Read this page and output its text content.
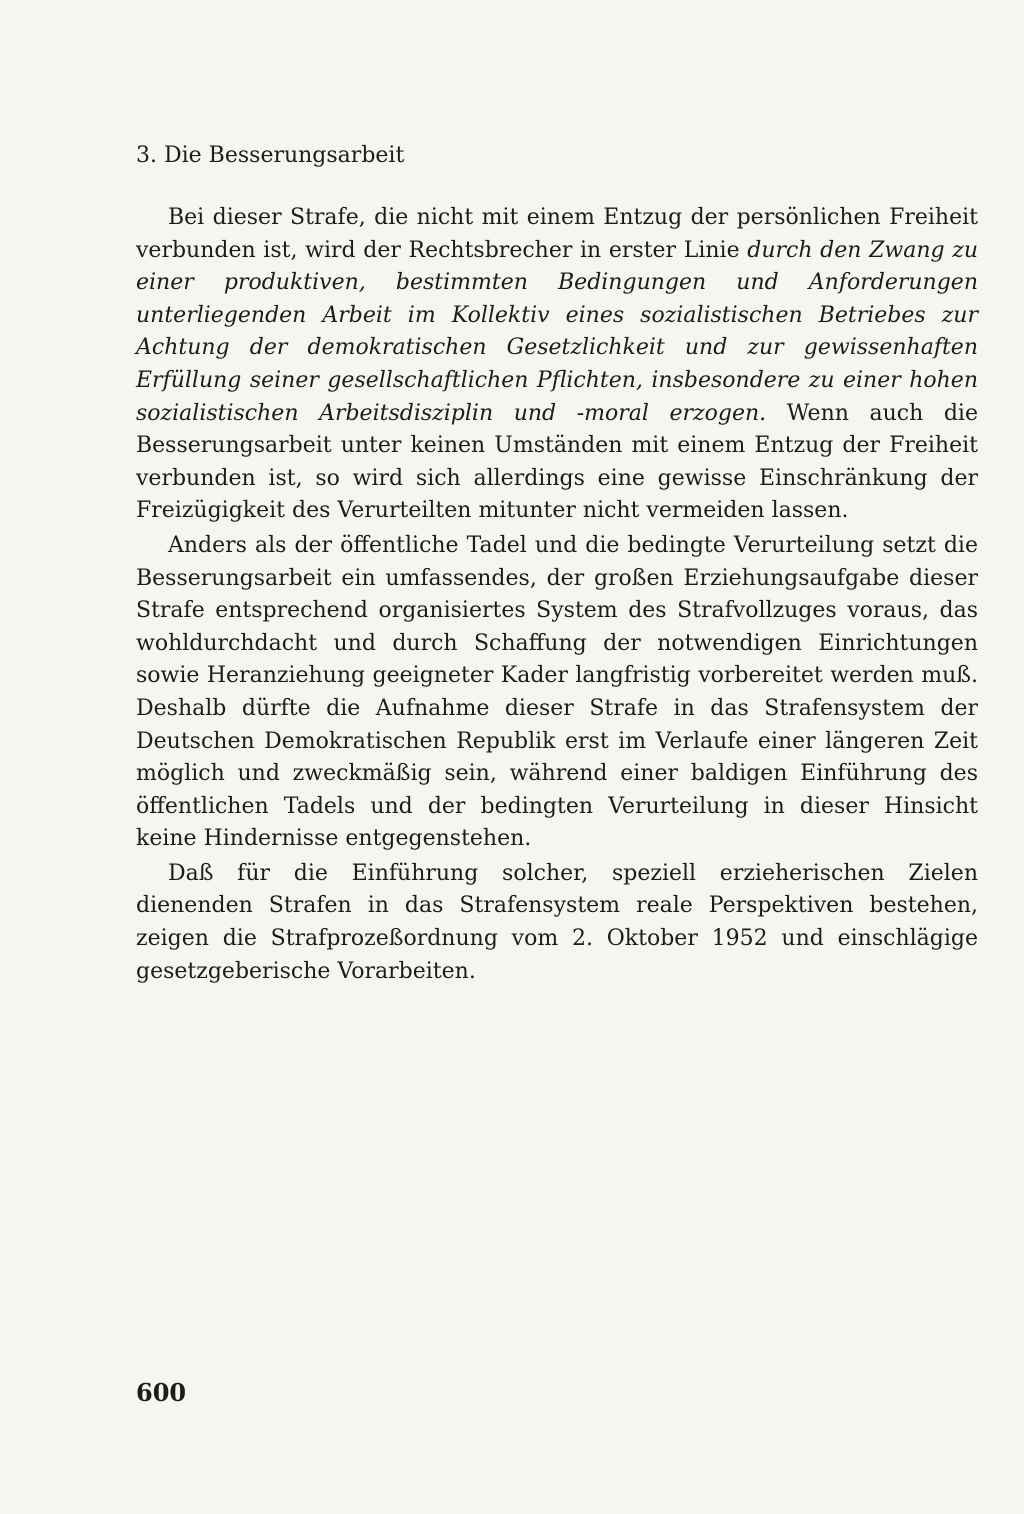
3. Die Besserungsarbeit

Bei dieser Strafe, die nicht mit einem Entzug der persönlichen Freiheit verbunden ist, wird der Rechtsbrecher in erster Linie durch den Zwang zu einer produktiven, bestimmten Bedingungen und Anforderungen unterliegenden Arbeit im Kollektiv eines sozialistischen Betriebes zur Achtung der demokratischen Gesetzlichkeit und zur gewissenhaften Erfüllung seiner gesellschaftlichen Pflichten, insbesondere zu einer hohen sozialistischen Arbeitsdisziplin und -moral erzogen. Wenn auch die Besserungsarbeit unter keinen Umständen mit einem Entzug der Freiheit verbunden ist, so wird sich allerdings eine gewisse Einschränkung der Freizügigkeit des Verurteilten mitunter nicht vermeiden lassen.

Anders als der öffentliche Tadel und die bedingte Verurteilung setzt die Besserungsarbeit ein umfassendes, der großen Erziehungsaufgabe dieser Strafe entsprechend organisiertes System des Strafvollzuges voraus, das wohldurchdacht und durch Schaffung der notwendigen Einrichtungen sowie Heranziehung geeigneter Kader langfristig vorbereitet werden muß. Deshalb dürfte die Aufnahme dieser Strafe in das Strafensystem der Deutschen Demokratischen Republik erst im Verlaufe einer längeren Zeit möglich und zweckmäßig sein, während einer baldigen Einführung des öffentlichen Tadels und der bedingten Verurteilung in dieser Hinsicht keine Hindernisse entgegenstehen.

Daß für die Einführung solcher, speziell erzieherischen Zielen dienenden Strafen in das Strafensystem reale Perspektiven bestehen, zeigen die Strafprozeßordnung vom 2. Oktober 1952 und einschlägige gesetzgeberische Vorarbeiten.

600
